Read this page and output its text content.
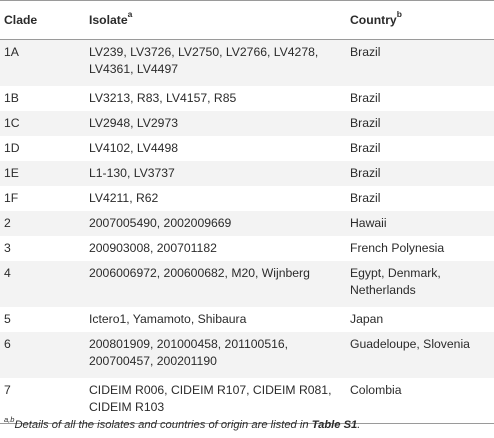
Clade	Isolate$^a$	Country$^b$
1A	LV239, LV3726, LV2750, LV2766, LV4278, LV4361, LV4497	Brazil
1B	LV3213, R83, LV4157, R85	Brazil
1C	LV2948, LV2973	Brazil
1D	LV4102, LV4498	Brazil
1E	L1-130, LV3737	Brazil
1F	LV4211, R62	Brazil
2	2007005490, 2002009669	Hawaii
3	200903008, 200701182	French Polynesia
4	2006006972, 200600682, M20, Wijnberg	Egypt, Denmark, Netherlands
5	Ictero1, Yamamoto, Shibaura	Japan
6	200801909, 201000458, 201100516, 200700457, 200201190	Guadeloupe, Slovenia
7	CIDEIM R006, CIDEIM R107, CIDEIM R081, CIDEIM R103	Colombia
$^{a,b}$Details of all the isolates and countries of origin are listed in Table S1.
